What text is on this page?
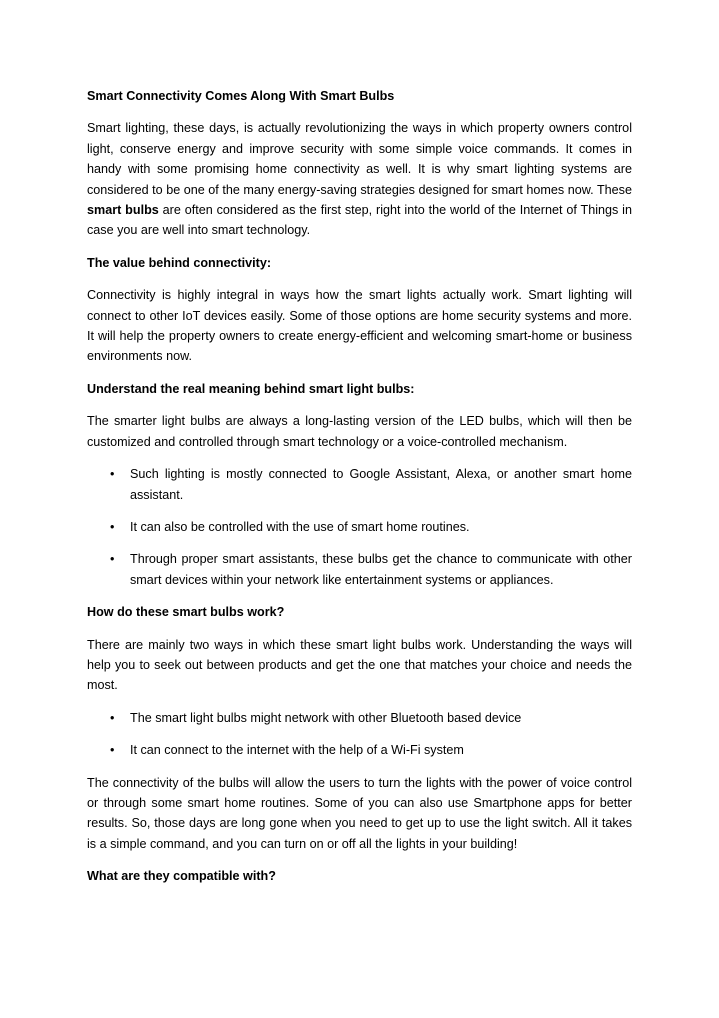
Smart Connectivity Comes Along With Smart Bulbs
Smart lighting, these days, is actually revolutionizing the ways in which property owners control light, conserve energy and improve security with some simple voice commands. It comes in handy with some promising home connectivity as well. It is why smart lighting systems are considered to be one of the many energy-saving strategies designed for smart homes now. These smart bulbs are often considered as the first step, right into the world of the Internet of Things in case you are well into smart technology.
The value behind connectivity:
Connectivity is highly integral in ways how the smart lights actually work. Smart lighting will connect to other IoT devices easily. Some of those options are home security systems and more. It will help the property owners to create energy-efficient and welcoming smart-home or business environments now.
Understand the real meaning behind smart light bulbs:
The smarter light bulbs are always a long-lasting version of the LED bulbs, which will then be customized and controlled through smart technology or a voice-controlled mechanism.
• Such lighting is mostly connected to Google Assistant, Alexa, or another smart home assistant.
• It can also be controlled with the use of smart home routines.
• Through proper smart assistants, these bulbs get the chance to communicate with other smart devices within your network like entertainment systems or appliances.
How do these smart bulbs work?
There are mainly two ways in which these smart light bulbs work. Understanding the ways will help you to seek out between products and get the one that matches your choice and needs the most.
• The smart light bulbs might network with other Bluetooth based device
• It can connect to the internet with the help of a Wi-Fi system
The connectivity of the bulbs will allow the users to turn the lights with the power of voice control or through some smart home routines. Some of you can also use Smartphone apps for better results. So, those days are long gone when you need to get up to use the light switch. All it takes is a simple command, and you can turn on or off all the lights in your building!
What are they compatible with?
